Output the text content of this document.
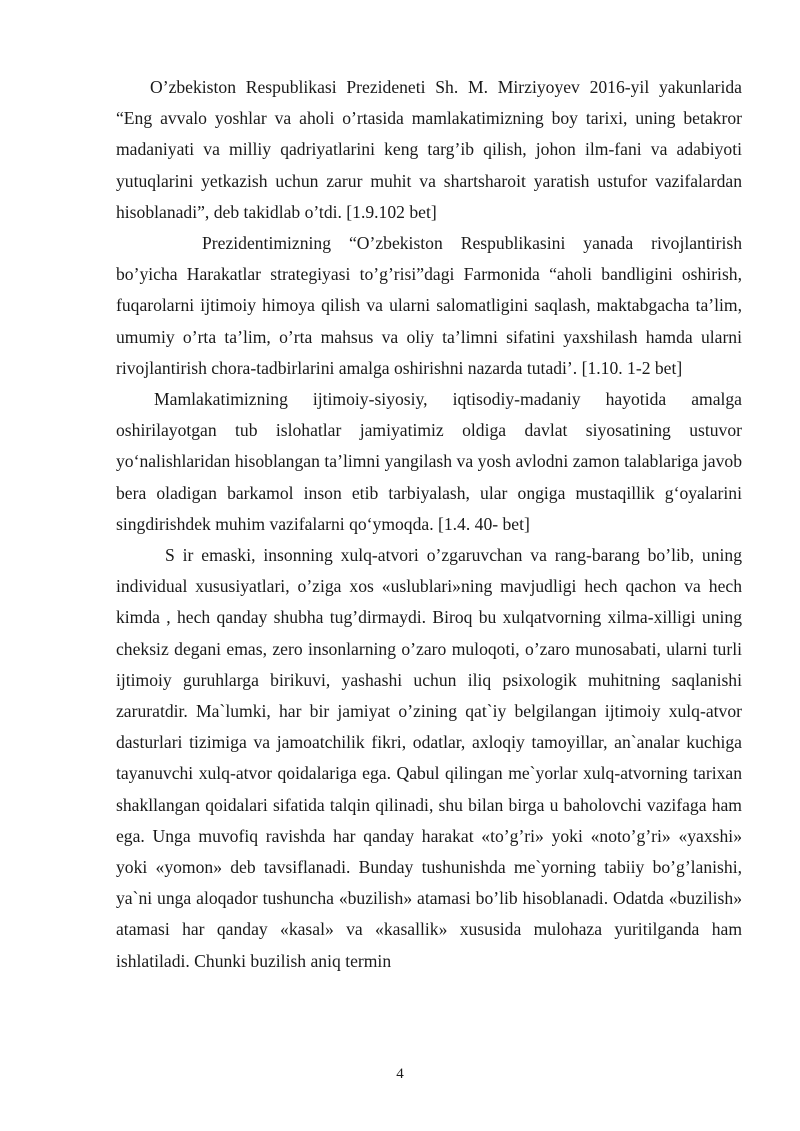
O’zbekiston Respublikasi Prezideneti Sh. M. Mirziyoyev 2016-yil yakunlarida “Eng avvalo yoshlar va aholi o’rtasida mamlakatimizning boy tarixi, uning betakror madaniyati va milliy qadriyatlarini keng targ’ib qilish, johon ilm-fani va adabiyoti yutuqlarini yetkazish uchun zarur muhit va shartsharoit yaratish ustufor vazifalardan hisoblanadi”, deb takidlab o’tdi. [1.9.102 bet]

Prezidentimizning “O’zbekiston Respublikasini yanada rivojlantirish bo’yicha Harakatlar strategiyasi to’g’risi”dagi Farmonida “aholi bandligini oshirish, fuqarolarni ijtimoiy himoya qilish va ularni salomatligini saqlash, maktabgacha ta’lim, umumiy o’rta ta’lim, o’rta mahsus va oliy ta’limni sifatini yaxshilash hamda ularni rivojlantirish chora-tadbirlarini amalga oshirishni nazarda tutadi’. [1.10. 1-2 bet]

Mamlakatimizning ijtimoiy-siyosiy, iqtisodiy-madaniy hayotida amalga oshirilayotgan tub islohatlar jamiyatimiz oldiga davlat siyosatining ustuvor yo‘nalishlaridan hisoblangan ta’limni yangilash va yosh avlodni zamon talablariga javob bera oladigan barkamol inson etib tarbiyalash, ular ongiga mustaqillik g‘oyalarini singdirishdek muhim vazifalarni qo‘ymoqda. [1.4. 40- bet]

S ir emaski, insonning xulq-atvori o’zgaruvchan va rang-barang bo’lib, uning individual xususiyatlari, o’ziga xos «uslublari»ning mavjudligi hech qachon va hech kimda , hech qanday shubha tug’dirmaydi. Biroq bu xulqatvorning xilma-xilligi uning cheksiz degani emas, zero insonlarning o’zaro muloqoti, o’zaro munosabati, ularni turli ijtimoiy guruhlarga birikuvi, yashashi uchun iliq psixologik muhitning saqlanishi zaruratdir. Ma`lumki, har bir jamiyat o’zining qat`iy belgilangan ijtimoiy xulq-atvor dasturlari tizimiga va jamoatchilik fikri, odatlar, axloqiy tamoyillar, an`analar kuchiga tayanuvchi xulq-atvor qoidalariga ega. Qabul qilingan me`yorlar xulq-atvorning tarixan shakllangan qoidalari sifatida talqin qilinadi, shu bilan birga u baholovchi vazifaga ham ega. Unga muvofiq ravishda har qanday harakat «to’g’ri» yoki «noto’g’ri» «yaxshi» yoki «yomon» deb tavsiflanadi. Bunday tushunishda me`yorning tabiiy bo’g’lanishi, ya`ni unga aloqador tushuncha «buzilish» atamasi bo’lib hisoblanadi. Odatda «buzilish» atamasi har qanday «kasal» va «kasallik» xususida mulohaza yuritilganda ham ishlatiladi. Chunki buzilish aniq termin

4
